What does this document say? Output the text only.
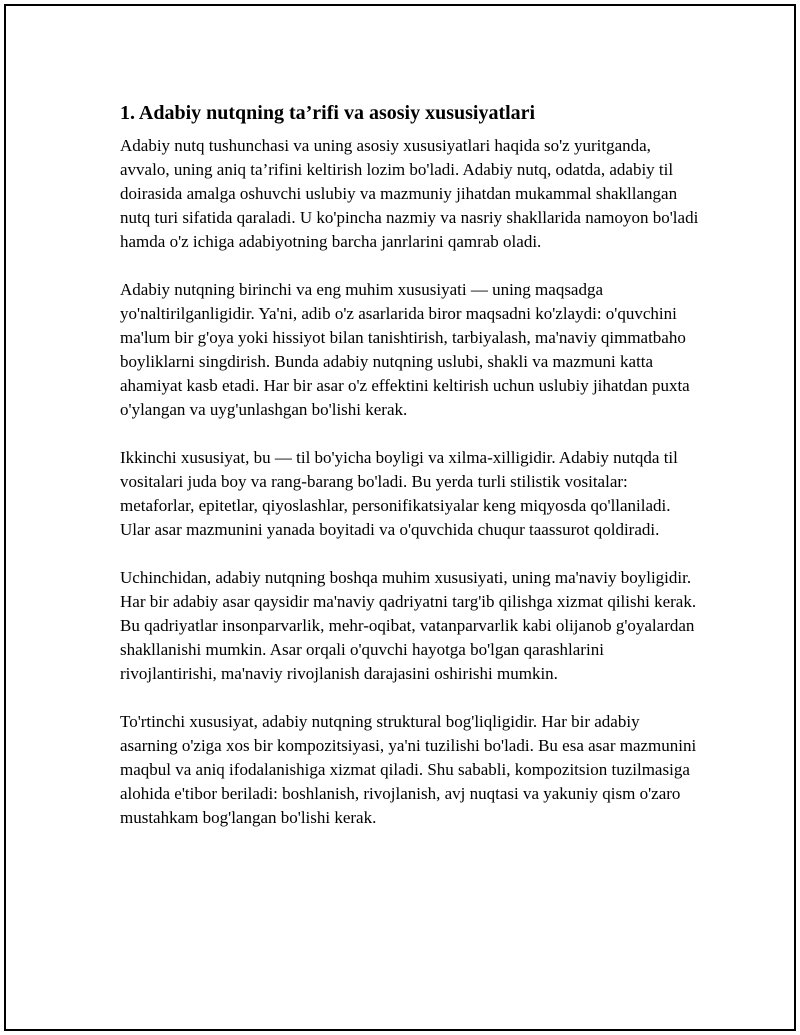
1. Adabiy nutqning ta’rifi va asosiy xususiyatlari

Adabiy nutq tushunchasi va uning asosiy xususiyatlari haqida so'z yuritganda, avvalo, uning aniq ta’rifini keltirish lozim bo'ladi. Adabiy nutq, odatda, adabiy til doirasida amalga oshuvchi uslubiy va mazmuniy jihatdan mukammal shakllangan nutq turi sifatida qaraladi. U ko'pincha nazmiy va nasriy shakllarida namoyon bo'ladi hamda o'z ichiga adabiyotning barcha janrlarini qamrab oladi.

Adabiy nutqning birinchi va eng muhim xususiyati — uning maqsadga yo'naltirilganligidir. Ya'ni, adib o'z asarlarida biror maqsadni ko'zlaydi: o'quvchini ma'lum bir g'oya yoki hissiyot bilan tanishtirish, tarbiyalash, ma'naviy qimmatbaho boyliklarni singdirish. Bunda adabiy nutqning uslubi, shakli va mazmuni katta ahamiyat kasb etadi. Har bir asar o'z effektini keltirish uchun uslubiy jihatdan puxta o'ylangan va uyg'unlashgan bo'lishi kerak.

Ikkinchi xususiyat, bu — til bo'yicha boyligi va xilma-xilligidir. Adabiy nutqda til vositalari juda boy va rang-barang bo'ladi. Bu yerda turli stilistik vositalar: metaforlar, epitetlar, qiyoslashlar, personifikatsiyalar keng miqyosda qo'llaniladi. Ular asar mazmunini yanada boyitadi va o'quvchida chuqur taassurot qoldiradi.

Uchinchidan, adabiy nutqning boshqa muhim xususiyati, uning ma'naviy boyligidir. Har bir adabiy asar qaysidir ma'naviy qadriyatni targ'ib qilishga xizmat qilishi kerak. Bu qadriyatlar insonparvarlik, mehr-oqibat, vatanparvarlik kabi olijanob g'oyalardan shakllanishi mumkin. Asar orqali o'quvchi hayotga bo'lgan qarashlarini rivojlantirishi, ma'naviy rivojlanish darajasini oshirishi mumkin.

To'rtinchi xususiyat, adabiy nutqning struktural bog'liqligidir. Har bir adabiy asarning o'ziga xos bir kompozitsiyasi, ya'ni tuzilishi bo'ladi. Bu esa asar mazmunini maqbul va aniq ifodalanishiga xizmat qiladi. Shu sababli, kompozitsion tuzilmasiga alohida e'tibor beriladi: boshlanish, rivojlanish, avj nuqtasi va yakuniy qism o'zaro mustahkam bog'langan bo'lishi kerak.
